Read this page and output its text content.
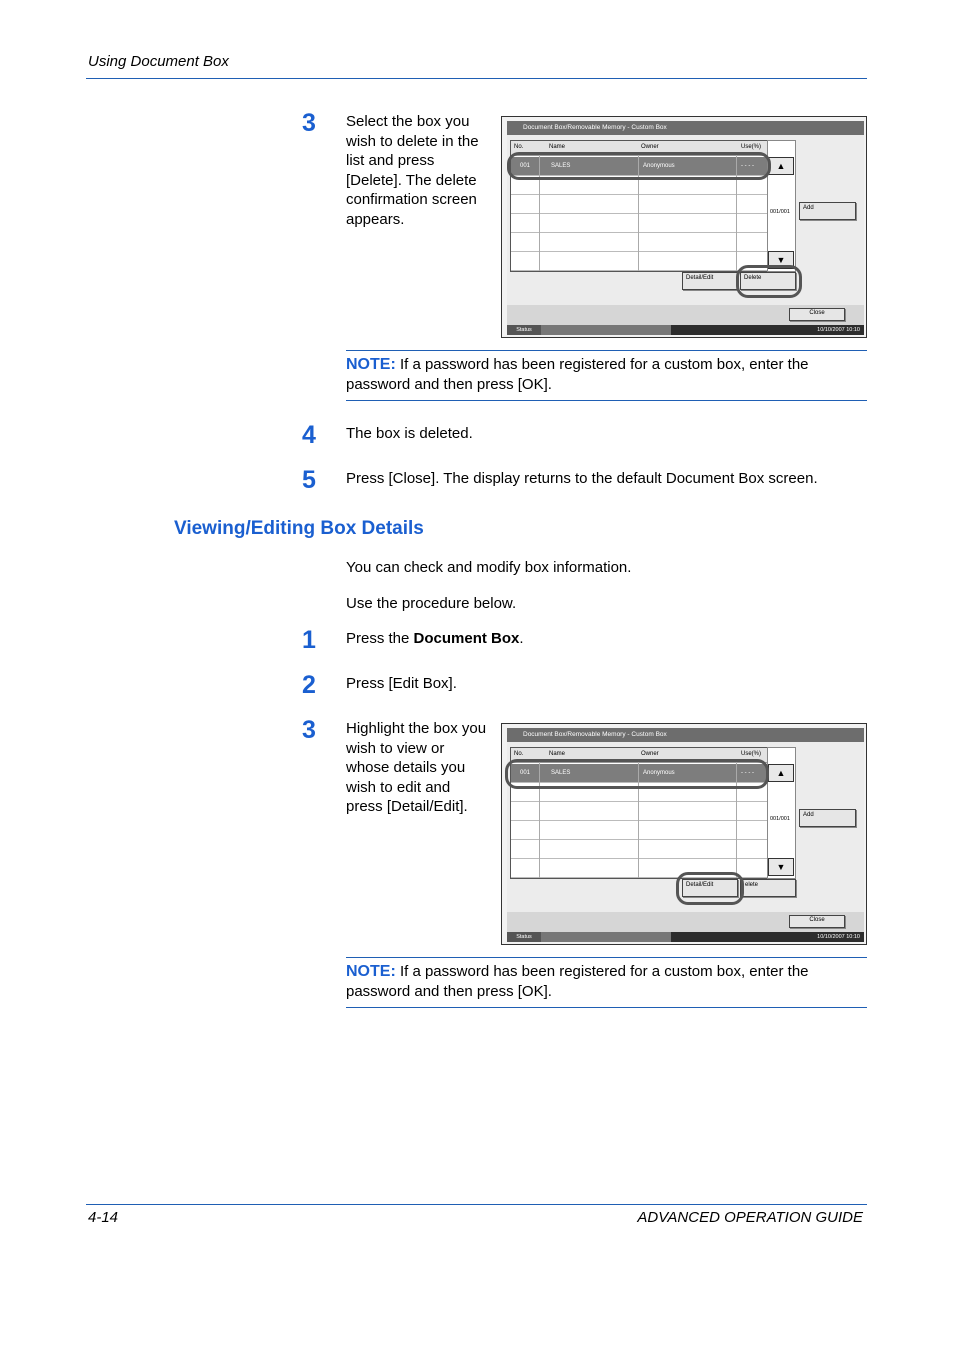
Using Document Box
3 Select the box you wish to delete in the list and press [Delete]. The delete confirmation screen appears.
Document Box/Removable Memory - Custom Box
No.	Name	Owner	Use(%)
001	SALES	Anonymous	- - - -	▲
▼
001/001
Add
Detail/Edit	Delete
Close
Status	10/10/2007 10:10
NOTE: If a password has been registered for a custom box, enter the password and then press [OK].
4 The box is deleted.
5 Press [Close]. The display returns to the default Document Box screen.
Viewing/Editing Box Details
You can check and modify box information.
Use the procedure below.
1 Press the Document Box.
2 Press [Edit Box].
3 Highlight the box you wish to view or whose details you wish to edit and press [Detail/Edit].
Document Box/Removable Memory - Custom Box
No.	Name	Owner	Use(%)
001	SALES	Anonymous	- - - -	▲
▼
001/001
Add
elete
Detail/Edit
Close
Status	10/10/2007 10:10
NOTE: If a password has been registered for a custom box, enter the password and then press [OK].
4-14	ADVANCED OPERATION GUIDE
